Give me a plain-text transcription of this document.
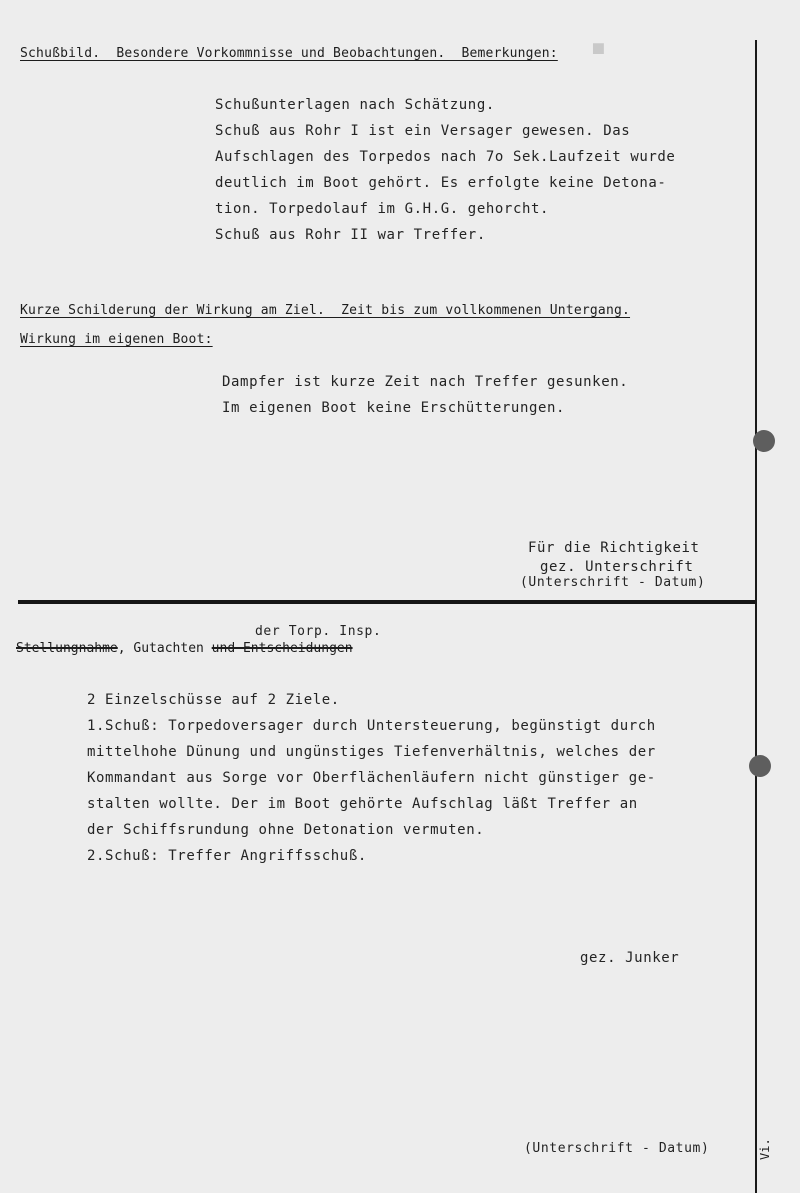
▪
Schußbild.  Besondere Vorkommnisse und Beobachtungen.  Bemerkungen:
Schußunterlagen nach Schätzung.
Schuß aus Rohr I ist ein Versager gewesen. Das
Aufschlagen des Torpedos nach 7o Sek.Laufzeit wurde
deutlich im Boot gehört. Es erfolgte keine Detona-
tion. Torpedolauf im G.H.G. gehorcht.
Schuß aus Rohr II war Treffer.
Kurze Schilderung der Wirkung am Ziel.  Zeit bis zum vollkommenen Untergang.
Wirkung im eigenen Boot:
Dampfer ist kurze Zeit nach Treffer gesunken.
Im eigenen Boot keine Erschütterungen.
Für die Richtigkeit
gez. Unterschrift
(Unterschrift - Datum)
der Torp. Insp.
Stellungnahme, Gutachten und Entscheidungen
2 Einzelschüsse auf 2 Ziele.
1.Schuß: Torpedoversager durch Untersteuerung, begünstigt durch
mittelhohe Dünung und ungünstiges Tiefenverhältnis, welches der
Kommandant aus Sorge vor Oberflächenläufern nicht günstiger ge-
stalten wollte. Der im Boot gehörte Aufschlag läßt Treffer an
der Schiffsrundung ohne Detonation vermuten.
2.Schuß: Treffer Angriffsschuß.
gez. Junker
(Unterschrift - Datum)	Vi.
